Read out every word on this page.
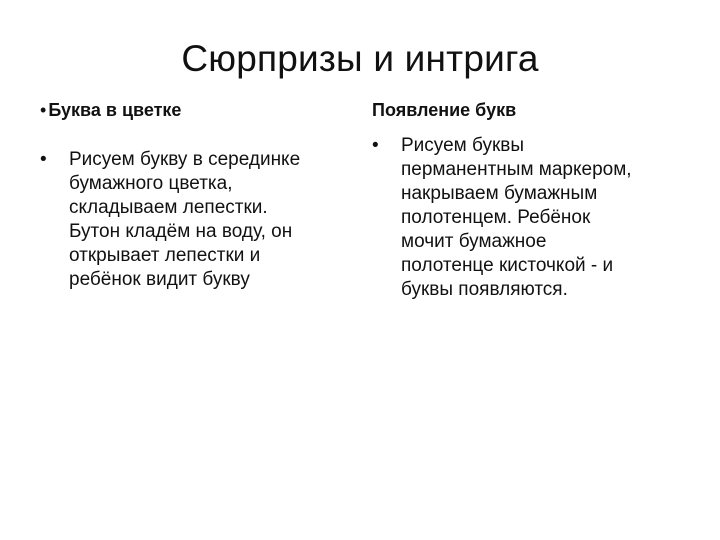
Сюрпризы и интрига
• Буква в цветке
• Рисуем букву в серединке
бумажного цветка,
складываем лепестки.
Бутон кладём на воду, он
открывает лепестки и
ребёнок видит букву
Появление букв
• Рисуем буквы
перманентным маркером,
накрываем бумажным
полотенцем. Ребёнок
мочит бумажное
полотенце кисточкой - и
буквы появляются.
